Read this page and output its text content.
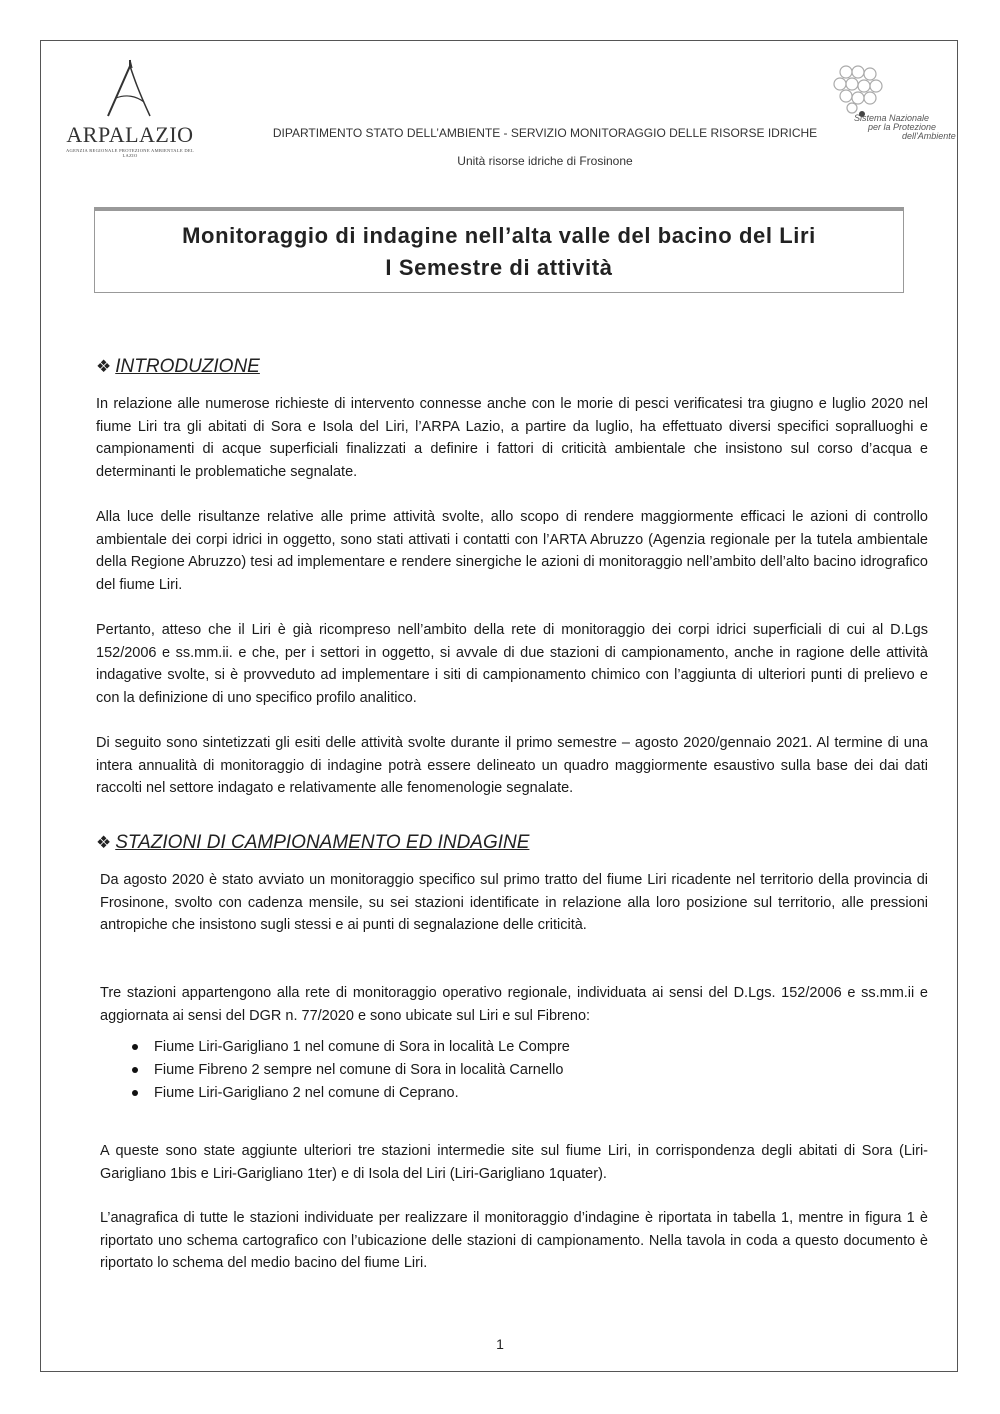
ARPALAZIO
AGENZIA REGIONALE PROTEZIONE AMBIENTALE DEL LAZIO
Sistema Nazionale
per la Protezione
dell'Ambiente
DIPARTIMENTO STATO DELL’AMBIENTE - SERVIZIO MONITORAGGIO DELLE RISORSE IDRICHE
Unità risorse idriche di Frosinone
Monitoraggio di indagine nell’alta valle del bacino del Liri
I Semestre di attività
❖ INTRODUZIONE
In relazione alle numerose richieste di intervento connesse anche con le morie di pesci verificatesi tra giugno e luglio 2020 nel fiume Liri tra gli abitati di Sora e Isola del Liri, l’ARPA Lazio, a partire da luglio, ha effettuato diversi specifici sopralluoghi e campionamenti di acque superficiali finalizzati a definire i fattori di criticità ambientale che insistono sul corso d’acqua e determinanti le problematiche segnalate.
Alla luce delle risultanze relative alle prime attività svolte, allo scopo di rendere maggiormente efficaci le azioni di controllo ambientale dei corpi idrici in oggetto, sono stati attivati i contatti con l’ARTA Abruzzo (Agenzia regionale per la tutela ambientale della Regione Abruzzo) tesi ad implementare e rendere sinergiche le azioni di monitoraggio nell’ambito dell’alto bacino idrografico del fiume Liri.
Pertanto, atteso che il Liri è già ricompreso nell’ambito della rete di monitoraggio dei corpi idrici superficiali di cui al D.Lgs 152/2006 e ss.mm.ii. e che, per i settori in oggetto, si avvale di due stazioni di campionamento, anche in ragione delle attività indagative svolte, si è provveduto ad implementare i siti di campionamento chimico con l’aggiunta di ulteriori punti di prelievo e con la definizione di uno specifico profilo analitico.
Di seguito sono sintetizzati gli esiti delle attività svolte durante il primo semestre – agosto 2020/gennaio 2021. Al termine di una intera annualità di monitoraggio di indagine potrà essere delineato un quadro maggiormente esaustivo sulla base dei dai dati raccolti nel settore indagato e relativamente alle fenomenologie segnalate.
❖ STAZIONI DI CAMPIONAMENTO ED INDAGINE
Da agosto 2020 è stato avviato un monitoraggio specifico sul primo tratto del fiume Liri ricadente nel territorio della provincia di Frosinone, svolto con cadenza mensile, su sei stazioni identificate in relazione alla loro posizione sul territorio, alle pressioni antropiche che insistono sugli stessi e ai punti di segnalazione delle criticità.
Tre stazioni appartengono alla rete di monitoraggio operativo regionale, individuata ai sensi del D.Lgs. 152/2006 e ss.mm.ii e aggiornata ai sensi del DGR n. 77/2020 e sono ubicate sul Liri e sul Fibreno:
Fiume Liri-Garigliano 1 nel comune di Sora in località Le Compre
Fiume Fibreno 2 sempre nel comune di Sora in località Carnello
Fiume Liri-Garigliano 2 nel comune di Ceprano.
A queste sono state aggiunte ulteriori tre stazioni intermedie site sul fiume Liri, in corrispondenza degli abitati di Sora (Liri-Garigliano 1bis e Liri-Garigliano 1ter) e di Isola del Liri (Liri-Garigliano 1quater).
L’anagrafica di tutte le stazioni individuate per realizzare il monitoraggio d’indagine è riportata in tabella 1, mentre in figura 1 è riportato uno schema cartografico con l’ubicazione delle stazioni di campionamento. Nella tavola in coda a questo documento è riportato lo schema del medio bacino del fiume Liri.
1
